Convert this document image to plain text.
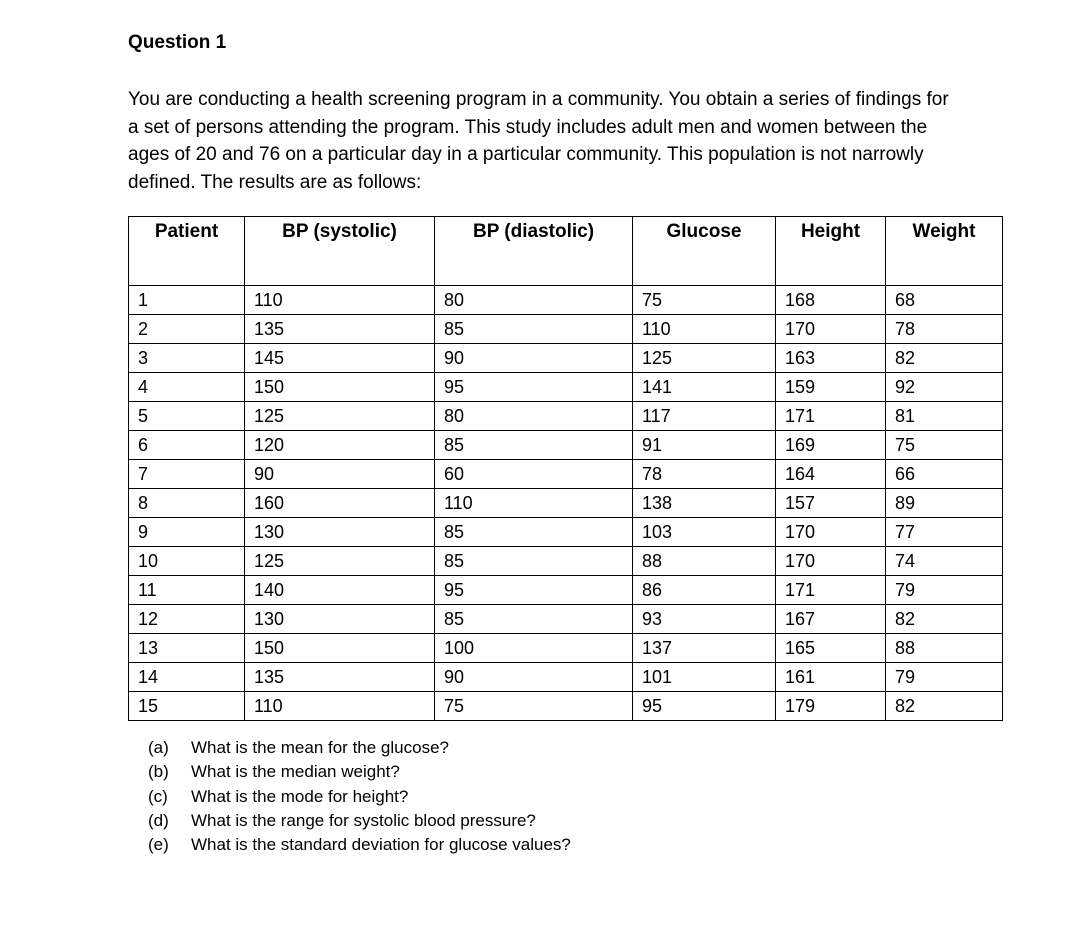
Question 1

You are conducting a health screening program in a community. You obtain a series of findings for a set of persons attending the program. This study includes adult men and women between the ages of 20 and 76 on a particular day in a particular community. This population is not narrowly defined. The results are as follows:

Patient	BP (systolic)	BP (diastolic)	Glucose	Height	Weight

1	110	80	75	168	68
2	135	85	110	170	78
3	145	90	125	163	82
4	150	95	141	159	92
5	125	80	117	171	81
6	120	85	91	169	75
7	90	60	78	164	66
8	160	110	138	157	89
9	130	85	103	170	77
10	125	85	88	170	74
11	140	95	86	171	79
12	130	85	93	167	82
13	150	100	137	165	88
14	135	90	101	161	79
15	110	75	95	179	82
(a)	What is the mean for the glucose?
(b)	What is the median weight?
(c)	What is the mode for height?
(d)	What is the range for systolic blood pressure?
(e)	What is the standard deviation for glucose values?
